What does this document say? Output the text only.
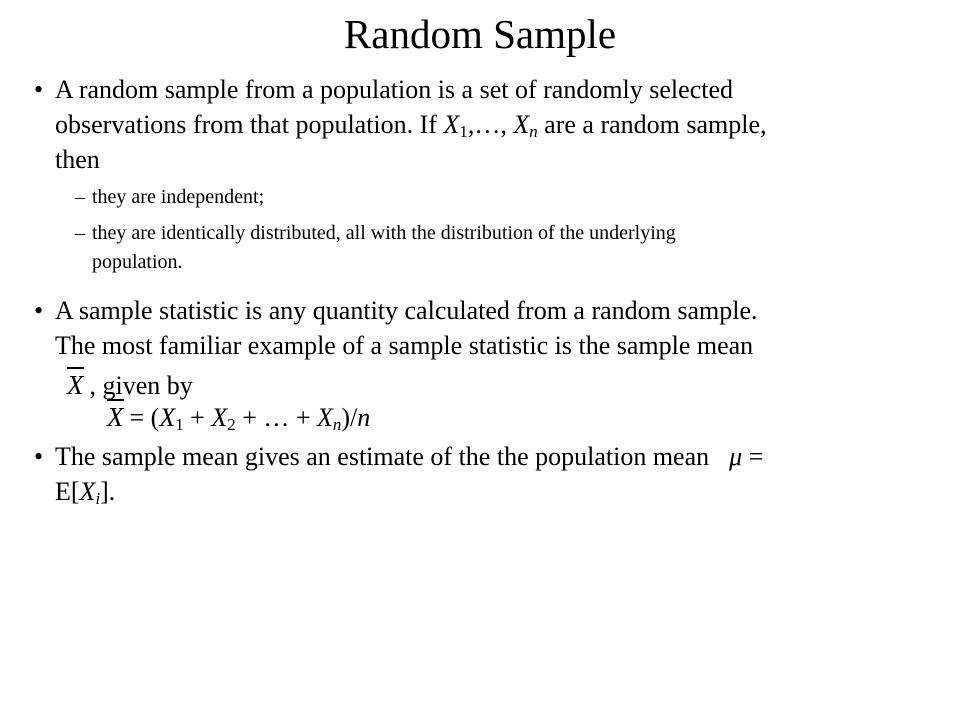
Random Sample
• A random sample from a population is a set of randomly selected
observations from that population. If $X_1,\dots$, $X_n$ are a random sample,
then
– they are independent;
– they are identically distributed, all with the distribution of the underlying
population.
• A sample statistic is any quantity calculated from a random sample.
The most familiar example of a sample statistic is the sample mean
X , given by
$X = (X_1 + X_2$ + … + $X_n)/n$
• The sample mean gives an estimate of the the population mean μ =
$E[X_i]$.
